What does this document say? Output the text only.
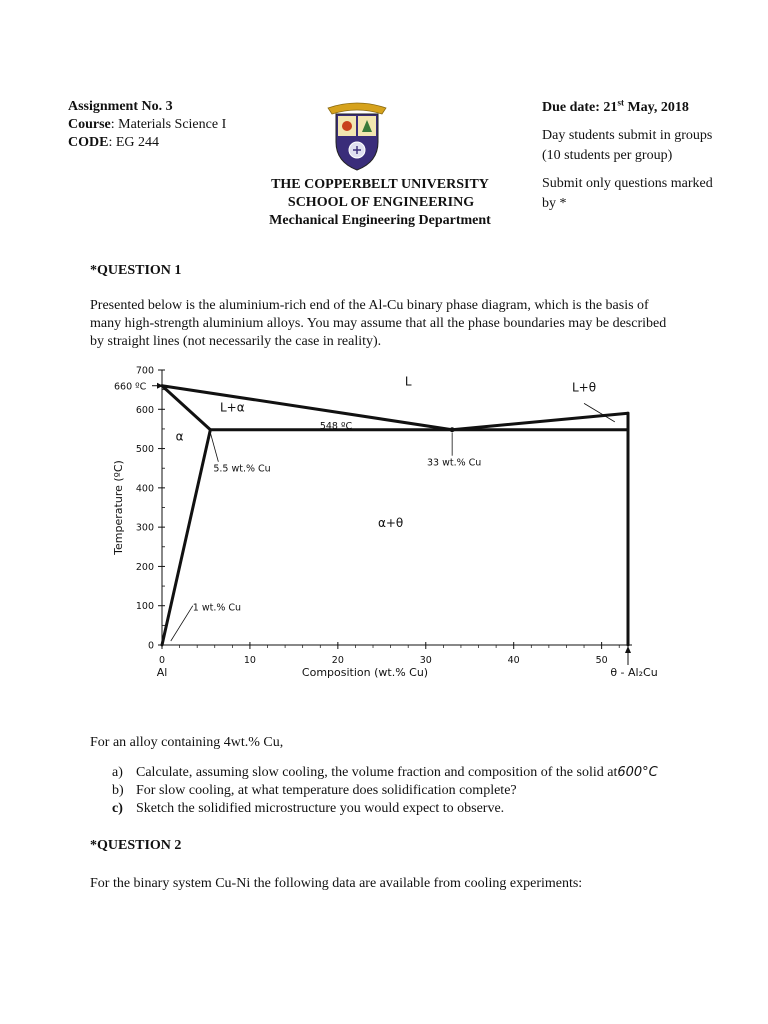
Assignment No. 3
Course: Materials Science I
CODE: EG 244
THE COPPERBELT UNIVERSITY
SCHOOL OF ENGINEERING
Mechanical Engineering Department

Due date: 21st May, 2018

Day students submit in groups
(10 students per group)

Submit only questions marked
by *

*QUESTION 1
Presented below is the aluminium-rich end of the Al-Cu binary phase diagram, which is the basis of
many high-strength aluminium alloys. You may assume that all the phase boundaries may be described
by straight lines (not necessarily the case in reality).
0
100
200
300
400
500
600
700
0	10	20	30	40	50
Al	Composition (wt.% Cu)	θ - Al₂Cu
Temperature (ºC)
L	L+θ
L+α
α
α+θ
660 ºC
548 ºC
5.5 wt.% Cu
33 wt.% Cu
1 wt.% Cu
For an alloy containing 4wt.% Cu,
a) Calculate, assuming slow cooling, the volume fraction and composition of the solid at 600°C
b) For slow cooling, at what temperature does solidification complete?
c) Sketch the solidified microstructure you would expect to observe.
*QUESTION 2
For the binary system Cu-Ni the following data are available from cooling experiments:
